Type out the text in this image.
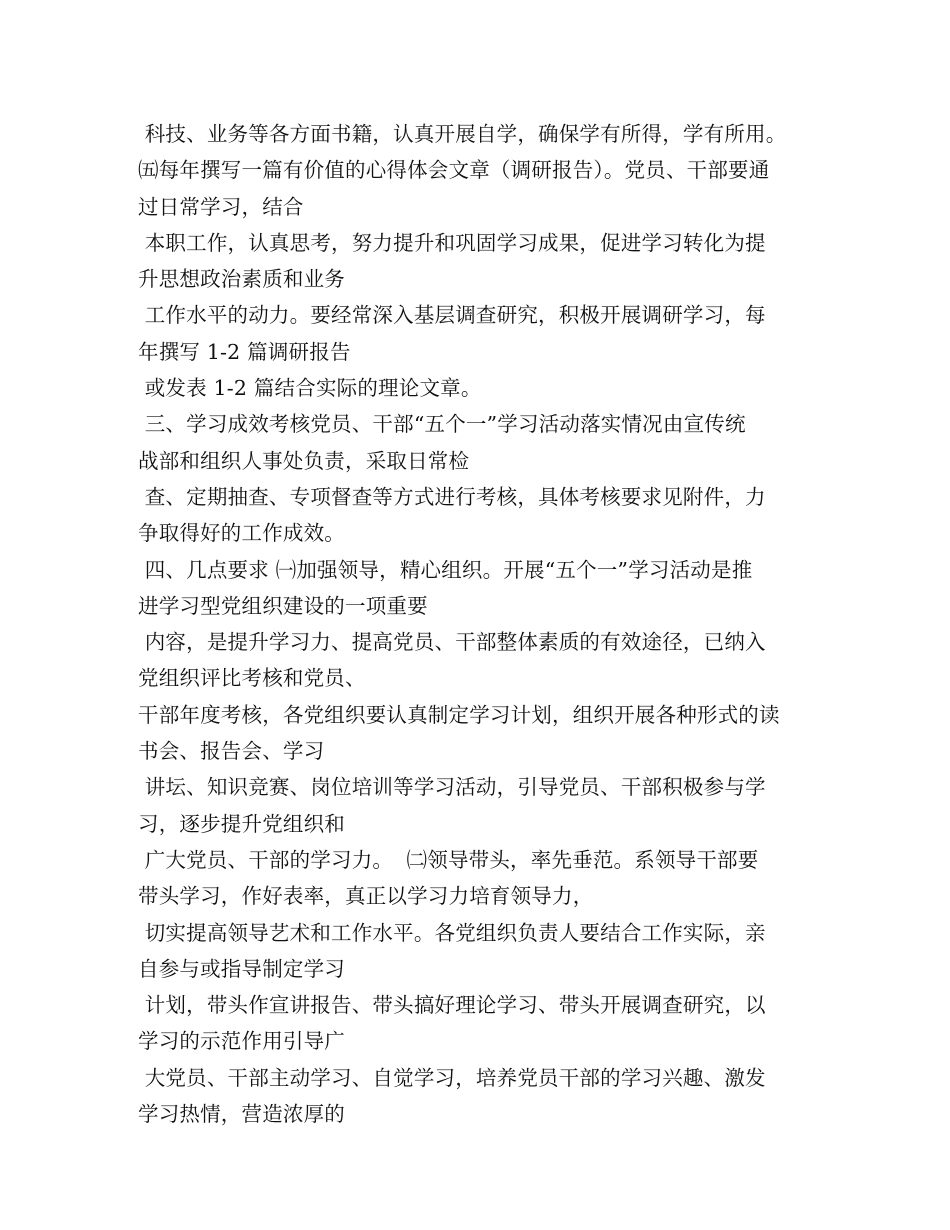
科技、业务等各方面书籍，认真开展自学，确保学有所得，学有所用。
㈤每年撰写一篇有价值的心得体会文章（调研报告）。党员、干部要通
过日常学习，结合
本职工作，认真思考，努力提升和巩固学习成果，促进学习转化为提
升思想政治素质和业务
工作水平的动力。要经常深入基层调查研究，积极开展调研学习，每
年撰写 1-2 篇调研报告
或发表 1-2 篇结合实际的理论文章。
三、学习成效考核党员、干部“五个一”学习活动落实情况由宣传统
战部和组织人事处负责，采取日常检
查、定期抽查、专项督查等方式进行考核，具体考核要求见附件，力
争取得好的工作成效。
四、几点要求 ㈠加强领导，精心组织。开展“五个一”学习活动是推
进学习型党组织建设的一项重要
内容，是提升学习力、提高党员、干部整体素质的有效途径，已纳入
党组织评比考核和党员、
干部年度考核，各党组织要认真制定学习计划，组织开展各种形式的读
书会、报告会、学习
讲坛、知识竞赛、岗位培训等学习活动，引导党员、干部积极参与学
习，逐步提升党组织和
广大党员、干部的学习力。  ㈡领导带头，率先垂范。系领导干部要
带头学习，作好表率，真正以学习力培育领导力，
切实提高领导艺术和工作水平。各党组织负责人要结合工作实际，亲
自参与或指导制定学习
计划，带头作宣讲报告、带头搞好理论学习、带头开展调查研究，以
学习的示范作用引导广
大党员、干部主动学习、自觉学习，培养党员干部的学习兴趣、激发
学习热情，营造浓厚的
